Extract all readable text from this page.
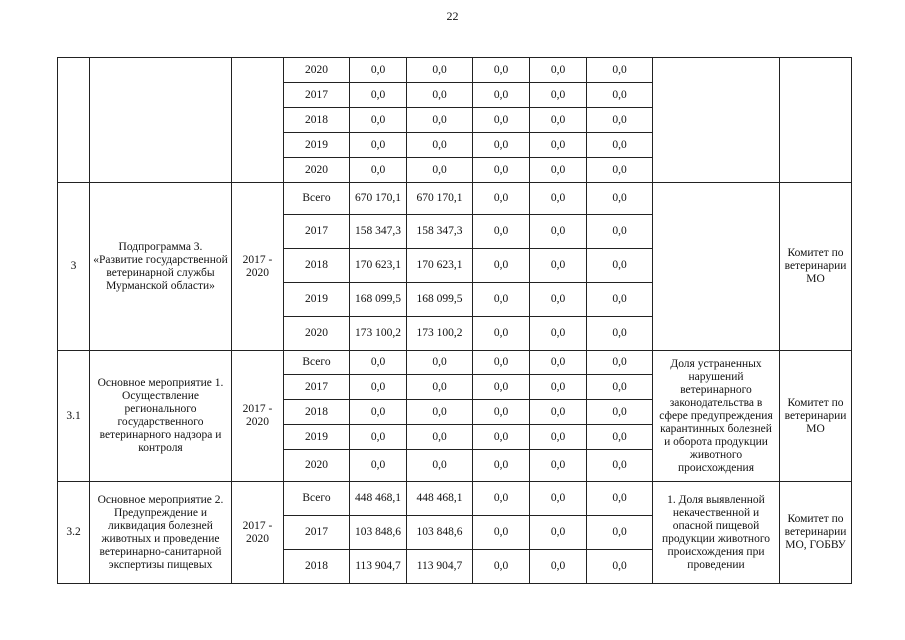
22
			2020	0,0	0,0	0,0	0,0	0,0		
			2017	0,0	0,0	0,0	0,0	0,0		
			2018	0,0	0,0	0,0	0,0	0,0		
			2019	0,0	0,0	0,0	0,0	0,0		
			2020	0,0	0,0	0,0	0,0	0,0		
3	Подпрограмма 3. «Развитие государственной ветеринарной службы Мурманской области»	2017 - 2020	Всего	670 170,1	670 170,1	0,0	0,0	0,0		Комитет по ветеринарии МО
			2017	158 347,3	158 347,3	0,0	0,0	0,0		
			2018	170 623,1	170 623,1	0,0	0,0	0,0		
			2019	168 099,5	168 099,5	0,0	0,0	0,0		
			2020	173 100,2	173 100,2	0,0	0,0	0,0		
3.1	Основное мероприятие 1. Осуществление регионального государственного ветеринарного надзора и контроля	2017 - 2020	Всего	0,0	0,0	0,0	0,0	0,0	Доля устраненных нарушений ветеринарного законодательства в сфере предупреждения карантинных болезней и оборота продукции животного происхождения	Комитет по ветеринарии МО
			2017	0,0	0,0	0,0	0,0	0,0		
			2018	0,0	0,0	0,0	0,0	0,0		
			2019	0,0	0,0	0,0	0,0	0,0		
			2020	0,0	0,0	0,0	0,0	0,0		
3.2	Основное мероприятие 2. Предупреждение и ликвидация болезней животных и проведение ветеринарно-санитарной экспертизы пищевых	2017 - 2020	Всего	448 468,1	448 468,1	0,0	0,0	0,0	1. Доля выявленной некачественной и опасной пищевой продукции животного происхождения при проведении	Комитет по ветеринарии МО, ГОБВУ
			2017	103 848,6	103 848,6	0,0	0,0	0,0		
			2018	113 904,7	113 904,7	0,0	0,0	0,0		
